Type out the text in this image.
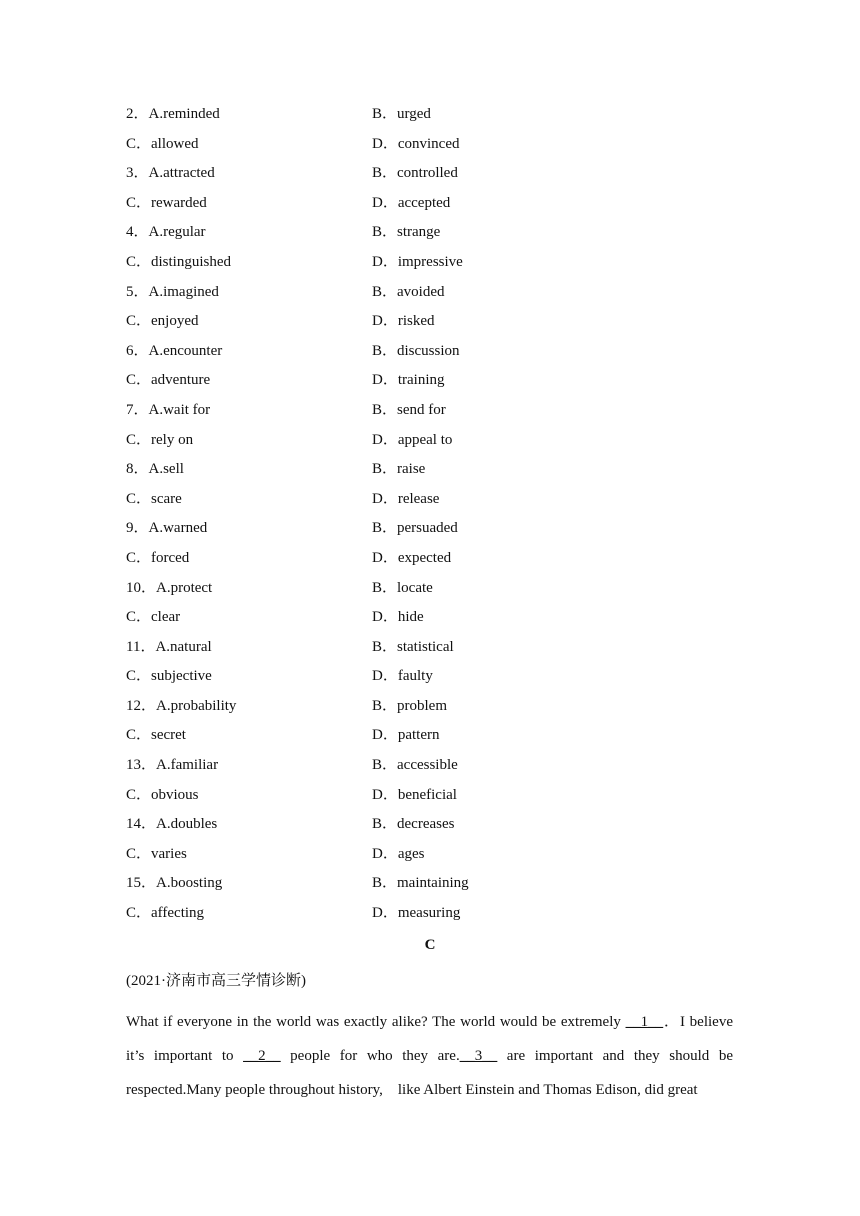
2．A.reminded	B．urged
C．allowed	D．convinced
3．A.attracted	B．controlled
C．rewarded	D．accepted
4．A.regular	B．strange
C．distinguished	D．impressive
5．A.imagined	B．avoided
C．enjoyed	D．risked
6．A.encounter	B．discussion
C．adventure	D．training
7．A.wait for	B．send for
C．rely on	D．appeal to
8．A.sell	B．raise
C．scare	D．release
9．A.warned	B．persuaded
C．forced	D．expected
10．A.protect	B．locate
C．clear	D．hide
11．A.natural	B．statistical
C．subjective	D．faulty
12．A.probability	B．problem
C．secret	D．pattern
13．A.familiar	B．accessible
C．obvious	D．beneficial
14．A.doubles	B．decreases
C．varies	D．ages
15．A.boosting	B．maintaining
C．affecting	D．measuring
C
(2021·济南市高三学情诊断)
What if everyone in the world was exactly alike? The world would be extremely __1__．I believe it’s important to __2__ people for who they are.__3__ are important and they should be respected.Many people throughout history,　like Albert Einstein and Thomas Edison, did great
